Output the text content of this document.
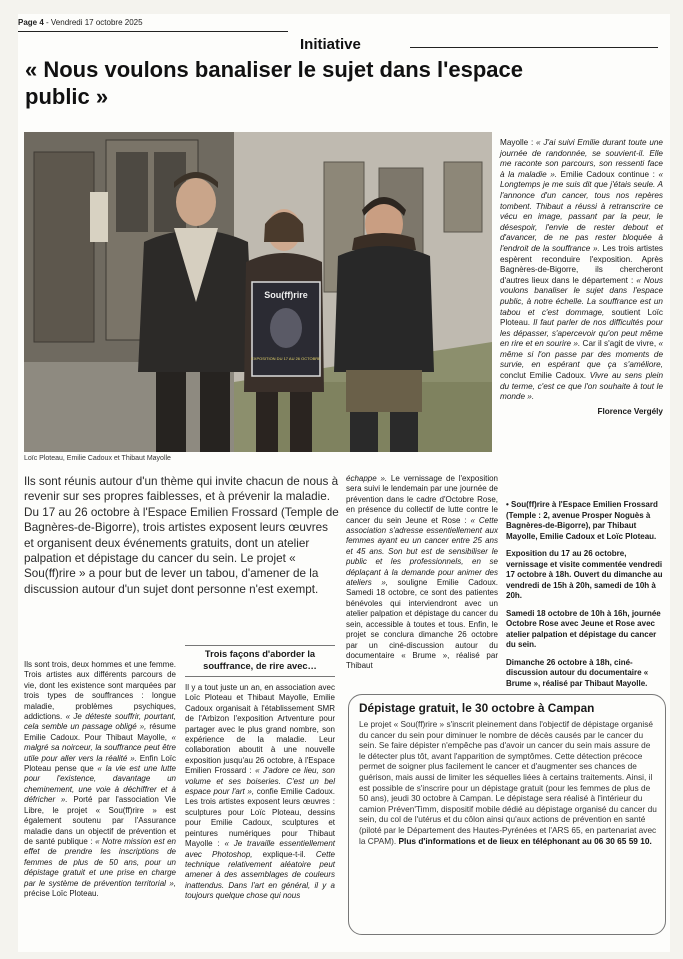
Page 4 - Vendredi 17 octobre 2025
Initiative
« Nous voulons banaliser le sujet dans l'espace public »
Sou(ff)rire
EXPOSITION DU 17 AU 26 OCTOBRE
Loïc Ploteau, Emilie Cadoux et Thibaut Mayolle
Mayolle : « J'ai suivi Emilie durant toute une journée de randonnée, se souvient-il. Elle me raconte son parcours, son ressenti face à la maladie ». Emilie Cadoux continue : « Longtemps je me suis dit que j'étais seule. A l'annonce d'un cancer, tous nos repères tombent. Thibaut a réussi à retranscrire ce vécu en image, passant par la peur, le désespoir, l'envie de rester debout et d'avancer, de ne pas rester bloquée à l'endroit de la souffrance ». Les trois artistes espèrent reconduire l'exposition. Après Bagnères-de-Bigorre, ils chercheront d'autres lieux dans le département : « Nous voulons banaliser le sujet dans l'espace public, à notre échelle. La souffrance est un tabou et c'est dommage, soutient Loïc Ploteau. Il faut parler de nos difficultés pour les dépasser, s'apercevoir qu'on peut même en rire et en sourire ». Car il s'agit de vivre, « même si l'on passe par des moments de survie, en espérant que ça s'améliore, conclut Emilie Cadoux. Vivre au sens plein du terme, c'est ce que l'on souhaite à tout le monde ».
Florence Vergély
Ils sont réunis autour d'un thème qui invite chacun de nous à revenir sur ses propres faiblesses, et à prévenir la maladie. Du 17 au 26 octobre à l'Espace Emilien Frossard (Temple de Bagnères-de-Bigorre), trois artistes exposent leurs œuvres et organisent deux événements gratuits, dont un atelier palpation et dépistage du cancer du sein. Le projet « Sou(ff)rire » a pour but de lever un tabou, d'amener de la discussion autour d'un sujet dont personne n'est exempt.
Ils sont trois, deux hommes et une femme. Trois artistes aux différents parcours de vie, dont les existence sont marquées par trois types de souffrances : longue maladie, problèmes psychiques, addictions. « Je déteste souffrir, pourtant, cela semble un passage obligé », résume Emilie Cadoux. Pour Thibaut Mayolle, « malgré sa noirceur, la souffrance peut être utile pour aller vers la réalité ». Enfin Loïc Ploteau pense que « la vie est une lutte pour l'existence, davantage un cheminement, une voie à déchiffrer et à défricher ». Porté par l'association Vie Libre, le projet « Sou(ff)rire » est également soutenu par l'Assurance maladie dans un objectif de prévention et de santé publique : « Notre mission est en effet de prendre les inscriptions de femmes de plus de 50 ans, pour un dépistage gratuit et une prise en charge par le système de prévention territorial », précise Loïc Ploteau.
Trois façons d'aborder la souffrance, de rire avec…
Il y a tout juste un an, en association avec Loïc Ploteau et Thibaut Mayolle, Emilie Cadoux organisait à l'établissement SMR de l'Arbizon l'exposition Artventure pour partager avec le plus grand nombre, son expérience de la maladie. Leur collaboration aboutit à une nouvelle exposition jusqu'au 26 octobre, à l'Espace Emilien Frossard : « J'adore ce lieu, son volume et ses boiseries. C'est un bel espace pour l'art », confie Emilie Cadoux. Les trois artistes exposent leurs œuvres : sculptures pour Loïc Ploteau, dessins pour Emilie Cadoux, sculptures et peintures numériques pour Thibaut Mayolle : « Je travaille essentiellement avec Photoshop, explique-t-il. Cette technique relativement aléatoire peut amener à des assemblages de couleurs inattendus. Dans l'art en général, il y a toujours quelque chose qui nous
échappe ». Le vernissage de l'exposition sera suivi le lendemain par une journée de prévention dans le cadre d'Octobre Rose, en présence du collectif de lutte contre le cancer du sein Jeune et Rose : « Cette association s'adresse essentiellement aux femmes ayant eu un cancer entre 25 ans et 45 ans. Son but est de sensibiliser le public et les professionnels, en se déplaçant à la demande pour animer des ateliers », souligne Emilie Cadoux. Samedi 18 octobre, ce sont des patientes bénévoles qui interviendront avec un atelier palpation et dépistage du cancer du sein, accessible à toutes et tous. Enfin, le projet se conclura dimanche 26 octobre par un ciné-discussion autour du documentaire « Brume », réalisé par Thibaut

• Sou(ff)rire à l'Espace Emilien Frossard (Temple : 2, avenue Prosper Noguès à Bagnères-de-Bigorre), par Thibaut Mayolle, Emilie Cadoux et Loïc Ploteau.

Exposition du 17 au 26 octobre, vernissage et visite commentée vendredi 17 octobre à 18h. Ouvert du dimanche au vendredi de 15h à 20h, samedi de 10h à 20h.

Samedi 18 octobre de 10h à 16h, journée Octobre Rose avec Jeune et Rose avec atelier palpation et dépistage du cancer du sein.

Dimanche 26 octobre à 18h, ciné-discussion autour du documentaire « Brume », réalisé par Thibaut Mayolle.

Dépistage gratuit, le 30 octobre à Campan
Le projet « Sou(ff)rire » s'inscrit pleinement dans l'objectif de dépistage organisé du cancer du sein pour diminuer le nombre de décès causés par le cancer du sein. Se faire dépister n'empêche pas d'avoir un cancer du sein mais assure de le détecter plus tôt, avant l'apparition de symptômes. Cette détection précoce permet de soigner plus facilement le cancer et d'augmenter ses chances de guérison, mais aussi de limiter les séquelles liées à certains traitements. Ainsi, il est possible de s'inscrire pour un dépistage gratuit (pour les femmes de plus de 50 ans), jeudi 30 octobre à Campan. Le dépistage sera réalisé à l'intérieur du camion Préven'Timm, dispositif mobile dédié au dépistage organisé du cancer du sein, du col de l'utérus et du côlon ainsi qu'aux actions de prévention en santé (piloté par le Département des Hautes-Pyrénées et l'ARS 65, en partenariat avec la CPAM). Plus d'informations et de lieux en téléphonant au 06 30 65 59 10.
